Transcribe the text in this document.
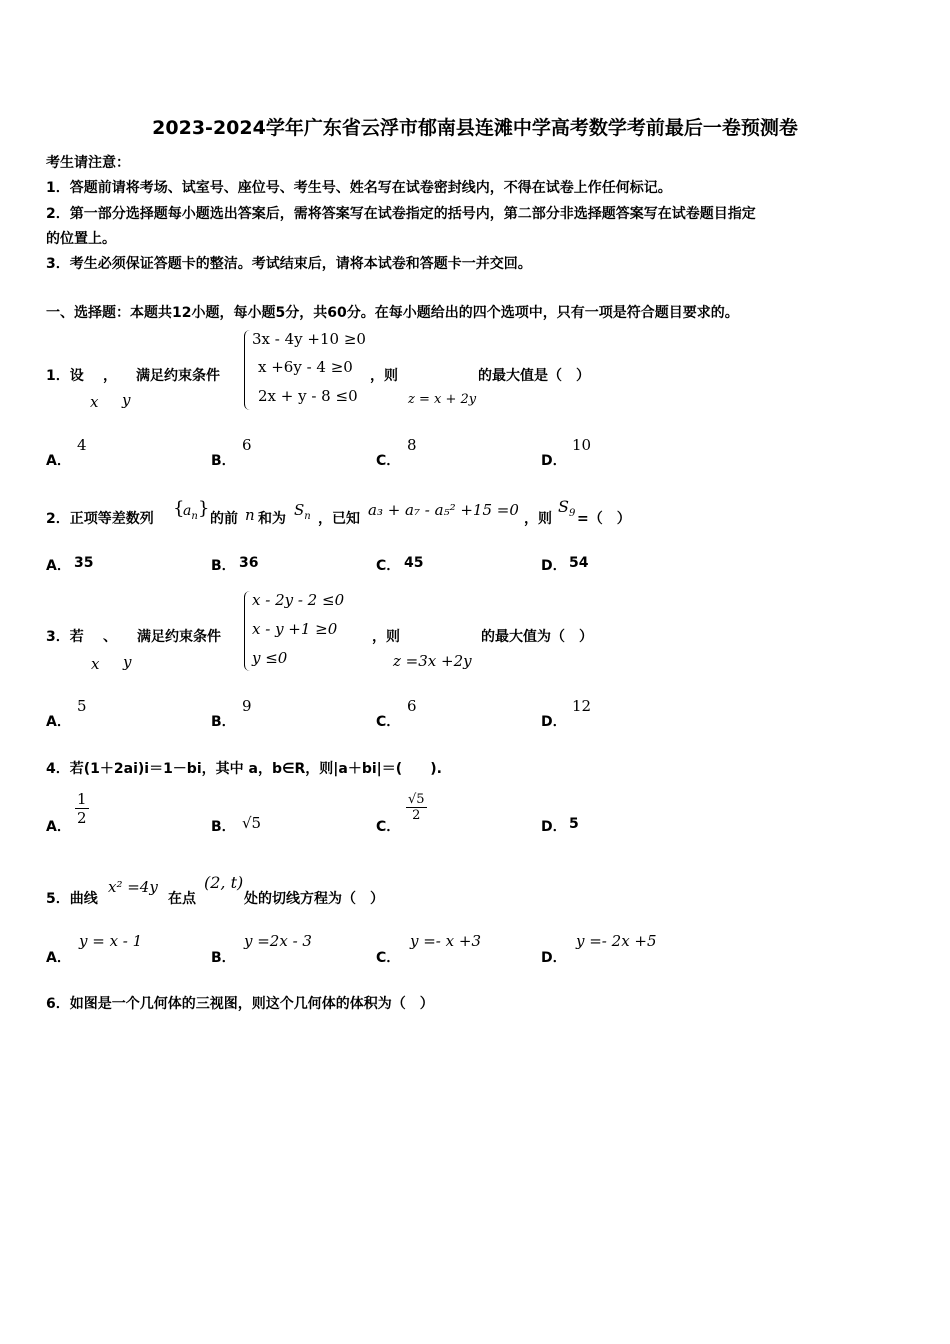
2023-2024学年广东省云浮市郁南县连滩中学高考数学考前最后一卷预测卷
考生请注意：
1．答题前请将考场、试室号、座位号、考生号、姓名写在试卷密封线内，不得在试卷上作任何标记。
2．第一部分选择题每小题选出答案后，需将答案写在试卷指定的括号内，第二部分非选择题答案写在试卷题目指定
的位置上。
3．考生必须保证答题卡的整洁。考试结束后，请将本试卷和答题卡一并交回。
一、选择题：本题共12小题，每小题5分，共60分。在每小题给出的四个选项中，只有一项是符合题目要求的。
1．设 ， 满足约束条件
x y
3x - 4y +10 ≥0
x +6y - 4 ≥0
2x + y - 8 ≤0
，则
z = x + 2y
的最大值是（　）
A．
4
B．
6
C．
8
D．
10
2．正项等差数列 {
$a_n$ } 的前 n 和为 $S_n$ ，已知 a₃ + a₇ - a₅² +15 =0 ，则
$S_9$ =（　）
A． 35	B． 36	C． 45	D． 54
3．若 、 满足约束条件
x y
x - 2y - 2 ≤0
x - y +1 ≥0
y ≤0
，则
z =3x +2y
的最大值为（　）
A．
5
B．
9
C．
6
D．
12
4．若(1＋2ai)i＝1－bi，其中 a，b∈R，则|a＋bi|＝(　　).
A． $\frac{1}{2}$	B． √5	C．
$\frac{√5}{2}$
D． 5
5．曲线
x² =4y
在点
(2, t)
处的切线方程为（　）
A．
y = x - 1
B．
y =2x - 3
C．
y =- x +3
D．
y =- 2x +5
6．如图是一个几何体的三视图，则这个几何体的体积为（　）
